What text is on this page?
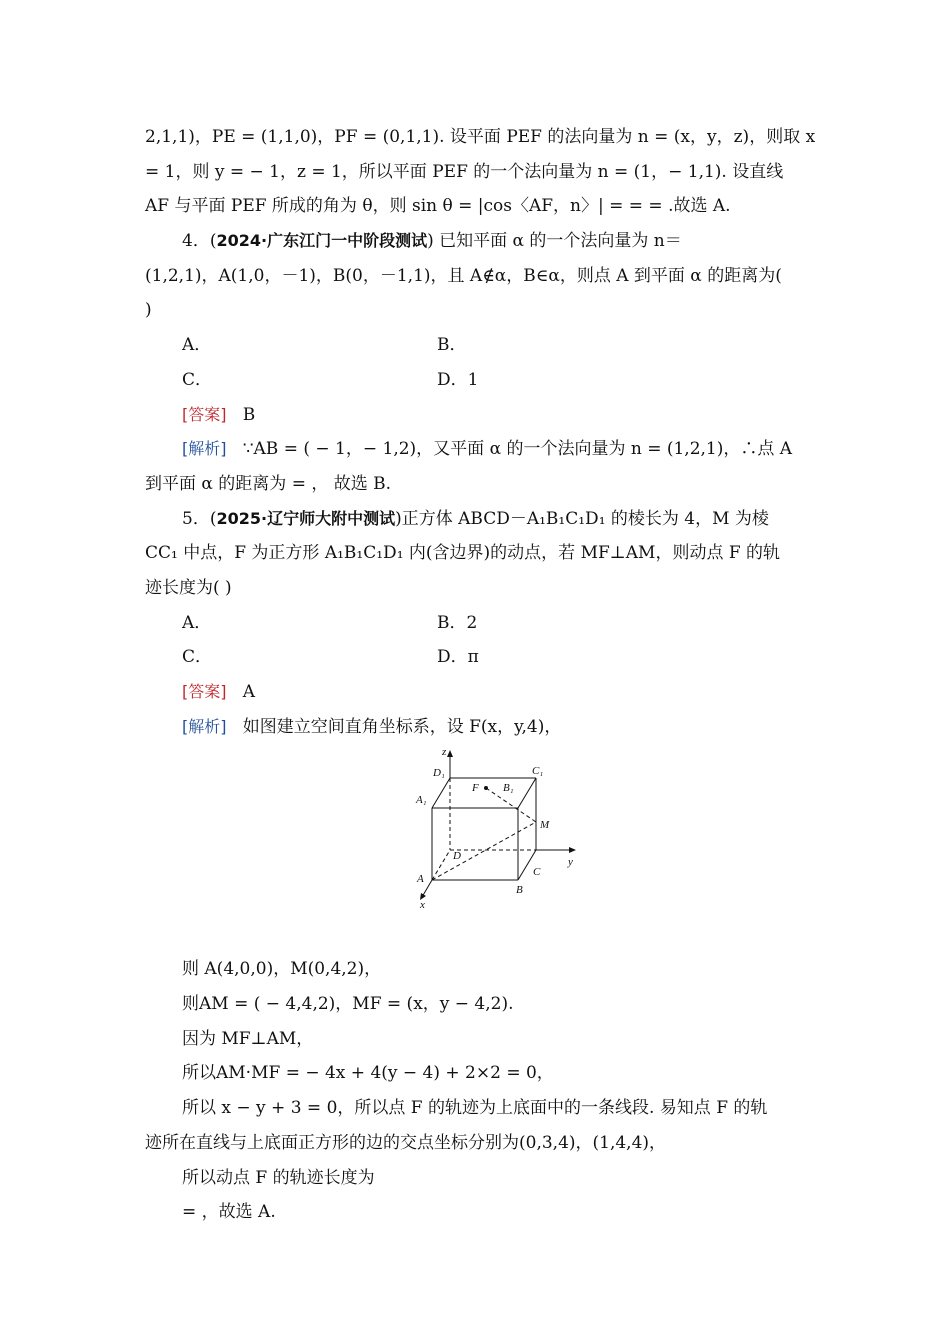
2,1,1)，PE = (1,1,0)，PF = (0,1,1). 设平面 PEF 的法向量为 n = (x，y，z)，则取 x
= 1，则 y = − 1，z = 1，所以平面 PEF 的一个法向量为 n = (1，− 1,1). 设直线
AF 与平面 PEF 所成的角为 θ，则 sin θ = |cos〈AF，n〉| = = = .故选 A.
4．(2024·广东江门一中阶段测试) 已知平面 α 的一个法向量为 n＝
(1,2,1)，A(1,0，－1)，B(0，－1,1)，且 A∉α，B∈α，则点 A 到平面 α 的距离为(
)
A．	B．
C．	D．1
[答案] B
[解析] ∵AB = ( − 1，− 1,2)，又平面 α 的一个法向量为 n = (1,2,1)，∴点 A
到平面 α 的距离为 = ， 故选 B.
5．(2025·辽宁师大附中测试)正方体 ABCD－A₁B₁C₁D₁ 的棱长为 4，M 为棱
CC₁ 中点，F 为正方形 A₁B₁C₁D₁ 内(含边界)的动点，若 MF⊥AM，则动点 F 的轨
迹长度为( )
A．	B．2
C．	D．π
[答案] A
[解析] 如图建立空间直角坐标系，设 F(x，y,4)，
则 A(4,0,0)，M(0,4,2)，
则AM = ( − 4,4,2)，MF = (x，y − 4,2).
因为 MF⊥AM，
所以AM·MF = − 4x + 4(y − 4) + 2×2 = 0，
所以 x − y + 3 = 0，所以点 F 的轨迹为上底面中的一条线段. 易知点 F 的轨
迹所在直线与上底面正方形的边的交点坐标分别为(0,3,4)，(1,4,4)，
所以动点 F 的轨迹长度为
= ，故选 A.
z
y
x
D₁	C₁
A₁
B₁
F
M
D
C
A
B
